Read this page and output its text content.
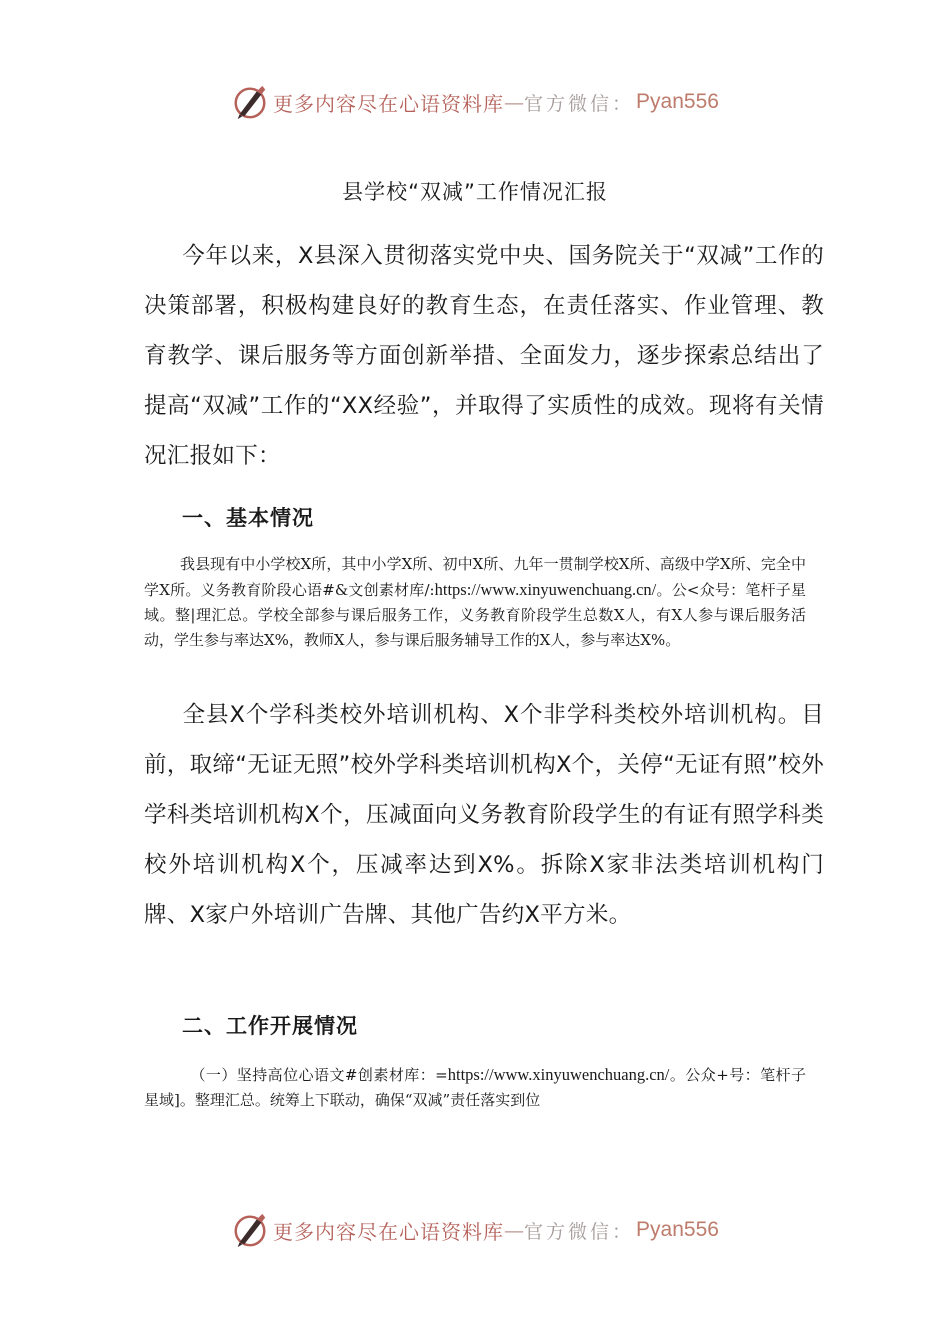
更多内容尽在心语资料库 — 官方微信： Pyan556
县学校“双减”工作情况汇报
今年以来，X县深入贯彻落实党中央、国务院关于“双减”工作的决策部署，积极构建良好的教育生态，在责任落实、作业管理、教育教学、课后服务等方面创新举措、全面发力，逐步探索总结出了提高“双减”工作的“XX经验”，并取得了实质性的成效。现将有关情况汇报如下：
一、基本情况
我县现有中小学校X所，其中小学X所、初中X所、九年一贯制学校X所、高级中学X所、完全中学X所。义务教育阶段心语#&文创素材库/:https://www.xinyuwenchuang.cn/。公<众号：笔杆子星域。整|理汇总。学校全部参与课后服务工作，义务教育阶段学生总数X人，有X人参与课后服务活动，学生参与率达X%，教师X人，参与课后服务辅导工作的X人，参与率达X%。
全县X个学科类校外培训机构、X个非学科类校外培训机构。目前，取缔“无证无照”校外学科类培训机构X个，关停“无证有照”校外学科类培训机构X个，压减面向义务教育阶段学生的有证有照学科类校外培训机构X个，压减率达到X%。拆除X家非法类培训机构门牌、X家户外培训广告牌、其他广告约X平方米。
二、工作开展情况
（一）坚持高位心语文#创素材库：=https://www.xinyuwenchuang.cn/。公众+号：笔杆子星域]。整理汇总。统筹上下联动，确保“双减”责任落实到位
更多内容尽在心语资料库 — 官方微信： Pyan556
